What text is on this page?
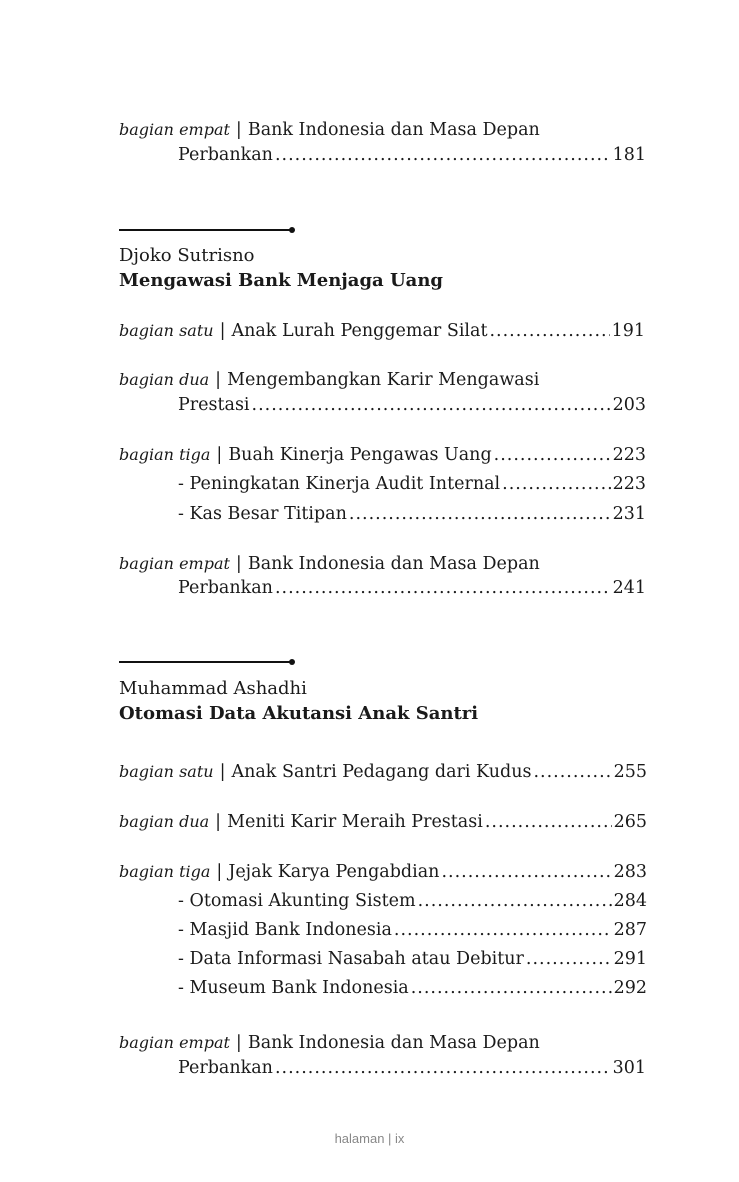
bagian empat | Bank Indonesia dan Masa Depan
Perbankan .....	181
Djoko Sutrisno
Mengawasi Bank Menjaga Uang
bagian satu | Anak Lurah Penggemar Silat .....	191
bagian dua | Mengembangkan Karir Mengawasi
Prestasi .....	203
bagian tiga | Buah Kinerja Pengawas Uang .....	223
- Peningkatan Kinerja Audit Internal .....	223
- Kas Besar Titipan .....	231
bagian empat | Bank Indonesia dan Masa Depan
Perbankan .....	241
Muhammad Ashadhi
Otomasi Data Akutansi Anak Santri
bagian satu | Anak Santri Pedagang dari Kudus .....	255
bagian dua | Meniti Karir Meraih Prestasi .....	265
bagian tiga | Jejak Karya Pengabdian .....	283
- Otomasi Akunting Sistem .....	284
- Masjid Bank Indonesia .....	287
- Data Informasi Nasabah atau Debitur .....	291
- Museum Bank Indonesia .....	292
bagian empat | Bank Indonesia dan Masa Depan
Perbankan .....	301
halaman | ix
